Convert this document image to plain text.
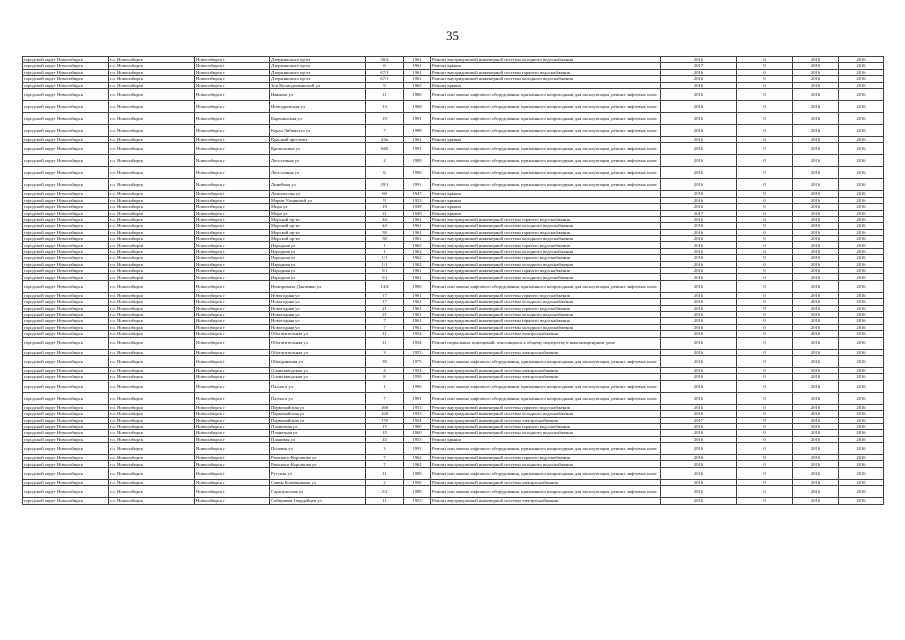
35
городской округ Новосибирск	г.о. Новосибирск	Новосибирск г	Дзержинского пр-кт	30/4	1961	Ремонт внутридомовой инженерной системы холодного водоснабжения	2016	0	2016	2016
городской округ Новосибирск	г.о. Новосибирск	Новосибирск г	Дзержинского пр-кт	6	1961	Ремонт крыши	2017	0	2016	2016
городской округ Новосибирск	г.о. Новосибирск	Новосибирск г	Дзержинского пр-кт	67/1	1961	Ремонт внутридомовой инженерной системы горячего водоснабжения	2016	0	2016	2016
городской округ Новосибирск	г.о. Новосибирск	Новосибирск г	Дзержинского пр-кт	67/1	1961	Ремонт внутридомовой инженерной системы холодного водоснабжения	2016	0	2016	2016
городской округ Новосибирск	г.о. Новосибирск	Новосибирск г	Зои Космодемьянской ул	9	1962	Ремонт крыши	2016	0	2016	2016
городской округ Новосибирск	г.о. Новосибирск	Новосибирск г	Иванова ул	11	1980	Ремонт или замена лифтового оборудования, признанного непригодным для эксплуатации, ремонт лифтовых шахт	2016	0	2016	2016
городской округ Новосибирск	г.о. Новосибирск	Новосибирск г	Ипподромская ул	13	1968	Ремонт или замена лифтового оборудования, признанного непригодным для эксплуатации, ремонт лифтовых шахт	2016	0	2016	2016
городской округ Новосибирск	г.о. Новосибирск	Новосибирск г	Каренинская ул	19	1991	Ремонт или замена лифтового оборудования, признанного непригодным для эксплуатации, ремонт лифтовых шахт	2016	0	2016	2016
городской округ Новосибирск	г.о. Новосибирск	Новосибирск г	Карла Либкнехта ул	7	1989	Ремонт или замена лифтового оборудования, признанного непригодным для эксплуатации, ремонт лифтовых шахт	2016	0	2016	2016
городской округ Новосибирск	г.о. Новосибирск	Новосибирск г	Красный проспект	24а	1961	Ремонт крыши	2016	0	2016	2016
городской округ Новосибирск	г.о. Новосибирск	Новосибирск г	Кропоткина ул	640	1991	Ремонт или замена лифтового оборудования, признанного непригодным для эксплуатации, ремонт лифтовых шахт	2016	0	2016	2016
городской округ Новосибирск	г.о. Новосибирск	Новосибирск г	Лесосечная ул	2	1989	Ремонт или замена лифтового оборудования, признанного непригодным для эксплуатации, ремонт лифтовых шахт	2016	0	2016	2016
городской округ Новосибирск	г.о. Новосибирск	Новосибирск г	Лесосечная ул	6	1990	Ремонт или замена лифтового оборудования, признанного непригодным для эксплуатации, ремонт лифтовых шахт	2016	0	2016	2016
городской округ Новосибирск	г.о. Новосибирск	Новосибирск г	Линейная ул	29/1	1991	Ремонт или замена лифтового оборудования, признанного непригодным для эксплуатации, ремонт лифтовых шахт	2016	0	2016	2016
городской округ Новосибирск	г.о. Новосибирск	Новосибирск г	Ломоносова ул	60	1947	Ремонт крыши	2016	0	2016	2016
городской округ Новосибирск	г.о. Новосибирск	Новосибирск г	Марии Ульяновой ул	9	1953	Ремонт крыши	2016	0	2016	2016
городской округ Новосибирск	г.о. Новосибирск	Новосибирск г	Мира ул	19	1949	Ремонт крыши	2016	0	2016	2016
городской округ Новосибирск	г.о. Новосибирск	Новосибирск г	Мира ул	21	1949	Ремонт крыши	2017	0	2016	2016
городской округ Новосибирск	г.о. Новосибирск	Новосибирск г	Морской пр-кт	44	1961	Ремонт внутридомовой инженерной системы горячего водоснабжения	2016	0	2016	2016
городской округ Новосибирск	г.о. Новосибирск	Новосибирск г	Морской пр-кт	44	1961	Ремонт внутридомовой инженерной системы холодного водоснабжения	2016	0	2016	2016
городской округ Новосибирск	г.о. Новосибирск	Новосибирск г	Морской пр-кт	58	1961	Ремонт внутридомовой инженерной системы горячего водоснабжения	2016	0	2016	2016
городской округ Новосибирск	г.о. Новосибирск	Новосибирск г	Морской пр-кт	58	1961	Ремонт внутридомовой инженерной системы холодного водоснабжения	2016	0	2016	2016
городской округ Новосибирск	г.о. Новосибирск	Новосибирск г	Народная ул	1	1962	Ремонт внутридомовой инженерной системы горячего водоснабжения	2016	0	2016	2016
городской округ Новосибирск	г.о. Новосибирск	Новосибирск г	Народная ул	1	1962	Ремонт внутридомовой инженерной системы холодного водоснабжения	2016	0	2016	2016
городской округ Новосибирск	г.о. Новосибирск	Новосибирск г	Народная ул	1/1	1962	Ремонт внутридомовой инженерной системы горячего водоснабжения	2016	0	2016	2016
городской округ Новосибирск	г.о. Новосибирск	Новосибирск г	Народная ул	1/1	1962	Ремонт внутридомовой инженерной системы холодного водоснабжения	2016	0	2016	2016
городской округ Новосибирск	г.о. Новосибирск	Новосибирск г	Народная ул	5/1	1961	Ремонт внутридомовой инженерной системы горячего водоснабжения	2016	0	2016	2016
городской округ Новосибирск	г.о. Новосибирск	Новосибирск г	Народная ул	5/1	1961	Ремонт внутридомовой инженерной системы холодного водоснабжения	2016	0	2016	2016
городской округ Новосибирск	г.о. Новосибирск	Новосибирск г	Немировича-Данченко ул	14/4	1990	Ремонт или замена лифтового оборудования, признанного непригодным для эксплуатации, ремонт лифтовых шахт	2016	0	2016	2016
городской округ Новосибирск	г.о. Новосибирск	Новосибирск г	Новогодняя ул	17	1961	Ремонт внутридомовой инженерной системы горячего водоснабжения	2016	0	2016	2016
городской округ Новосибирск	г.о. Новосибирск	Новосибирск г	Новогодняя ул	17	1961	Ремонт внутридомовой инженерной системы холодного водоснабжения	2016	0	2016	2016
городской округ Новосибирск	г.о. Новосибирск	Новосибирск г	Новогодняя ул	21	1961	Ремонт внутридомовой инженерной системы горячего водоснабжения	2016	0	2016	2016
городской округ Новосибирск	г.о. Новосибирск	Новосибирск г	Новогодняя ул	21	1961	Ремонт внутридомовой инженерной системы холодного водоснабжения	2016	0	2016	2016
городской округ Новосибирск	г.о. Новосибирск	Новосибирск г	Новогодняя ул	7	1961	Ремонт внутридомовой инженерной системы горячего водоснабжения	2016	0	2016	2016
городской округ Новосибирск	г.о. Новосибирск	Новосибирск г	Новогодняя ул	7	1961	Ремонт внутридомовой инженерной системы холодного водоснабжения	2016	0	2016	2016
городской округ Новосибирск	г.о. Новосибирск	Новосибирск г	Обогатительная ул	11	1954	Ремонт внутридомовой инженерной системы электроснабжения	2016	0	2016	2016
городской округ Новосибирск	г.о. Новосибирск	Новосибирск г	Обогатительная ул	11	1954	Ремонт подвальных помещений, относящихся к общему имуществу в многоквартирном доме	2016	0	2016	2016
городской округ Новосибирск	г.о. Новосибирск	Новосибирск г	Обогатительная ул	3	1953	Ремонт внутридомовой инженерной системы электроснабжения	2016	0	2016	2016
городской округ Новосибирск	г.о. Новосибирск	Новосибирск г	Объединения ул	39	1975	Ремонт или замена лифтового оборудования, признанного непригодным для эксплуатации, ремонт лифтовых шахт	2016	0	2016	2016
городской округ Новосибирск	г.о. Новосибирск	Новосибирск г	Оловозаводская ул	4	1954	Ремонт внутридомовой инженерной системы электроснабжения	2016	0	2016	2016
городской округ Новосибирск	г.о. Новосибирск	Новосибирск г	Оловозаводская ул	8	1950	Ремонт внутридомовой инженерной системы электроснабжения	2016	0	2016	2016
городской округ Новосибирск	г.о. Новосибирск	Новосибирск г	Палласа ул	1	1990	Ремонт или замена лифтового оборудования, признанного непригодным для эксплуатации, ремонт лифтовых шахт	2016	0	2016	2016
городской округ Новосибирск	г.о. Новосибирск	Новосибирск г	Палласа ул	7	1991	Ремонт или замена лифтового оборудования, признанного непригодным для эксплуатации, ремонт лифтовых шахт	2016	0	2016	2016
городской округ Новосибирск	г.о. Новосибирск	Новосибирск г	Первомайская ул	168	1953	Ремонт внутридомовой инженерной системы горячего водоснабжения	2016	0	2016	2016
городской округ Новосибирск	г.о. Новосибирск	Новосибирск г	Первомайская ул	168	1953	Ремонт внутридомовой инженерной системы холодного водоснабжения	2016	0	2016	2016
городской округ Новосибирск	г.о. Новосибирск	Новосибирск г	Первомайская ул	170	1954	Ремонт внутридомовой инженерной системы электроснабжения	2017	0	2016	2016
городской округ Новосибирск	г.о. Новосибирск	Новосибирск г	Планетная ул	15	1960	Ремонт внутридомовой инженерной системы горячего водоснабжения	2016	0	2016	2016
городской округ Новосибирск	г.о. Новосибирск	Новосибирск г	Планетная ул	15	1960	Ремонт внутридомовой инженерной системы холодного водоснабжения	2016	0	2016	2016
городской округ Новосибирск	г.о. Новосибирск	Новосибирск г	Плановая ул	43	1953	Ремонт крыши	2016	0	2016	2016
городской округ Новосибирск	г.о. Новосибирск	Новосибирск г	Полевая ул	3	1991	Ремонт или замена лифтового оборудования, признанного непригодным для эксплуатации, ремонт лифтовых шахт	2016	0	2016	2016
городской округ Новосибирск	г.о. Новосибирск	Новосибирск г	Римского-Корсакова ул	7	1962	Ремонт внутридомовой инженерной системы горячего водоснабжения	2016	0	2016	2016
городской округ Новосибирск	г.о. Новосибирск	Новосибирск г	Римского-Корсакова ул	7	1962	Ремонт внутридомовой инженерной системы холодного водоснабжения	2016	0	2016	2016
городской округ Новосибирск	г.о. Новосибирск	Новосибирск г	Русская ул	11	1990	Ремонт или замена лифтового оборудования, признанного непригодным для эксплуатации, ремонт лифтовых шахт	2016	0	2016	2016
городской округ Новосибирск	г.о. Новосибирск	Новосибирск г	Саввы Кожевникова ул	2	1956	Ремонт внутридомовой инженерной системы электроснабжения	2016	0	2016	2016
городской округ Новосибирск	г.о. Новосибирск	Новосибирск г	Сарапульская ул	2/2	1989	Ремонт или замена лифтового оборудования, признанного непригодным для эксплуатации, ремонт лифтовых шахт	2016	0	2016	2016
городской округ Новосибирск	г.о. Новосибирск	Новосибирск г	Сибиряков-Гвардейцев ул	11	1953	Ремонт внутридомовой инженерной системы электроснабжения	2016	0	2016	2016
